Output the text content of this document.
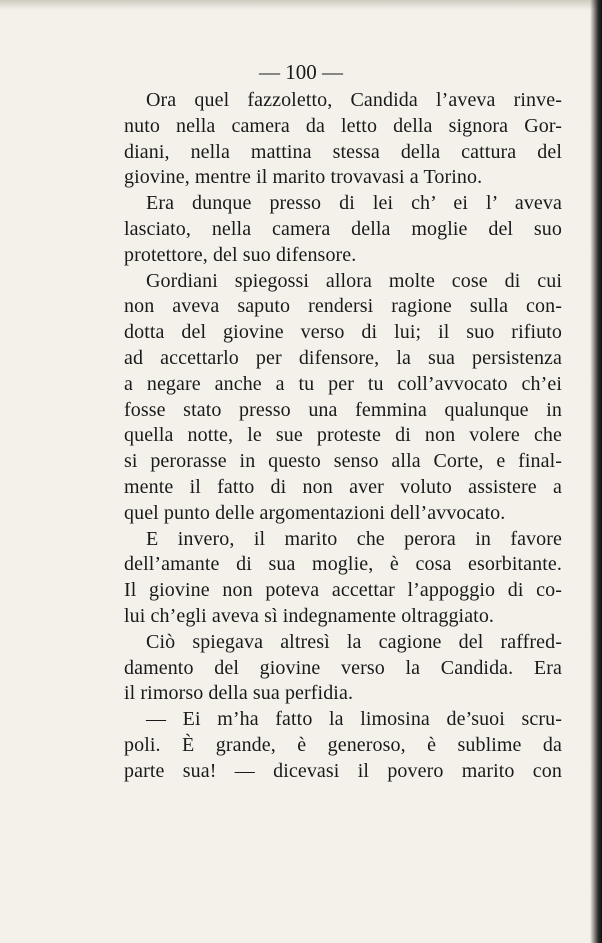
— 100 —
Ora quel fazzoletto, Candida l’aveva rinve-
nuto nella camera da letto della signora Gor-
diani, nella mattina stessa della cattura del
giovine, mentre il marito trovavasi a Torino.
Era dunque presso di lei ch’ ei l’ aveva
lasciato, nella camera della moglie del suo
protettore, del suo difensore.
Gordiani spiegossi allora molte cose di cui
non aveva saputo rendersi ragione sulla con-
dotta del giovine verso di lui; il suo rifiuto
ad accettarlo per difensore, la sua persistenza
a negare anche a tu per tu coll’avvocato ch’ei
fosse stato presso una femmina qualunque in
quella notte, le sue proteste di non volere che
si perorasse in questo senso alla Corte, e final-
mente il fatto di non aver voluto assistere a
quel punto delle argomentazioni dell’avvocato.
E invero, il marito che perora in favore
dell’amante di sua moglie, è cosa esorbitante.
Il giovine non poteva accettar l’appoggio di co-
lui ch’egli aveva sì indegnamente oltraggiato.
Ciò spiegava altresì la cagione del raffred-
damento del giovine verso la Candida. Era
il rimorso della sua perfidia.
— Ei m’ha fatto la limosina de’suoi scru-
poli. È grande, è generoso, è sublime da
parte sua! — dicevasi il povero marito con
